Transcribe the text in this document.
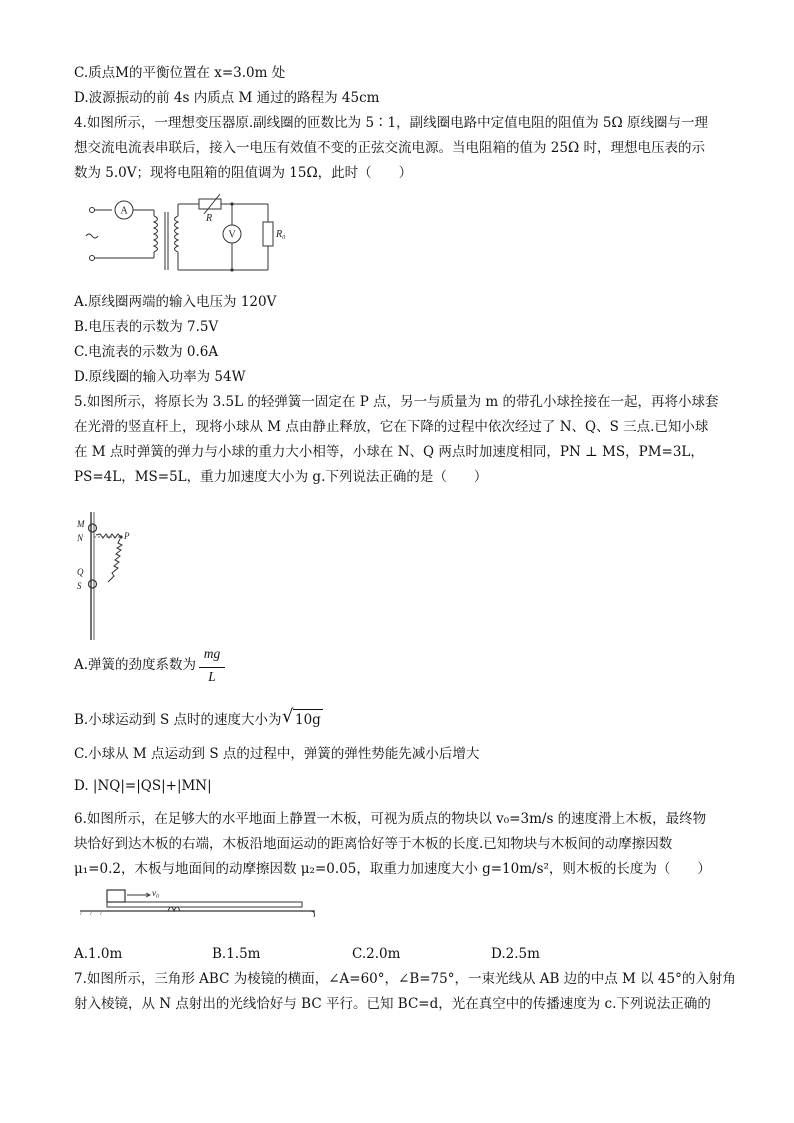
C.质点M的平衡位置在 x=3.0m 处
D.波源振动的前 4s 内质点 M 通过的路程为 45cm
4.如图所示，一理想变压器原.副线圈的匝数比为 5∶1，副线圈电路中定值电阻的阻值为 5Ω 原线圈与一理
想交流电流表串联后，接入一电压有效值不变的正弦交流电源。当电阻箱的值为 25Ω 时，理想电压表的示
数为 5.0V；现将电阻箱的阻值调为 15Ω，此时（　　）
A
V
R
R₀
A.原线圈两端的输入电压为 120V
B.电压表的示数为 7.5V
C.电流表的示数为 0.6A
D.原线圈的输入功率为 54W
5.如图所示，将原长为 3.5L 的轻弹簧一固定在 P 点，另一与质量为 m 的带孔小球拴接在一起，再将小球套
在光滑的竖直杆上，现将小球从 M 点由静止释放，它在下降的过程中依次经过了 N、Q、S 三点.已知小球
在 M 点时弹簧的弹力与小球的重力大小相等，小球在 N、Q 两点时加速度相同，PN ⊥ MS，PM=3L，
PS=4L，MS=5L，重力加速度大小为 g.下列说法正确的是（　　）
M
N	P
Q
S
A.弹簧的劲度系数为
mg
L
B.小球运动到 S 点时的速度大小为 √ 10g
C.小球从 M 点运动到 S 点的过程中，弹簧的弹性势能先减小后增大
D. |NQ|=|QS|+|MN|
6.如图所示，在足够大的水平地面上静置一木板，可视为质点的物块以 v₀=3m/s 的速度滑上木板，最终物
块恰好到达木板的右端，木板沿地面运动的距离恰好等于木板的长度.已知物块与木板间的动摩擦因数
μ₁=0.2，木板与地面间的动摩擦因数 μ₂=0.05，取重力加速度大小 g=10m/s²，则木板的长度为（　　）
v₀
A.1.0m	B.1.5m	C.2.0m	D.2.5m
7.如图所示，三角形 ABC 为棱镜的横面，∠A=60°，∠B=75°，一束光线从 AB 边的中点 M 以 45°的入射角
射入棱镜，从 N 点射出的光线恰好与 BC 平行。已知 BC=d，光在真空中的传播速度为 c.下列说法正确的
